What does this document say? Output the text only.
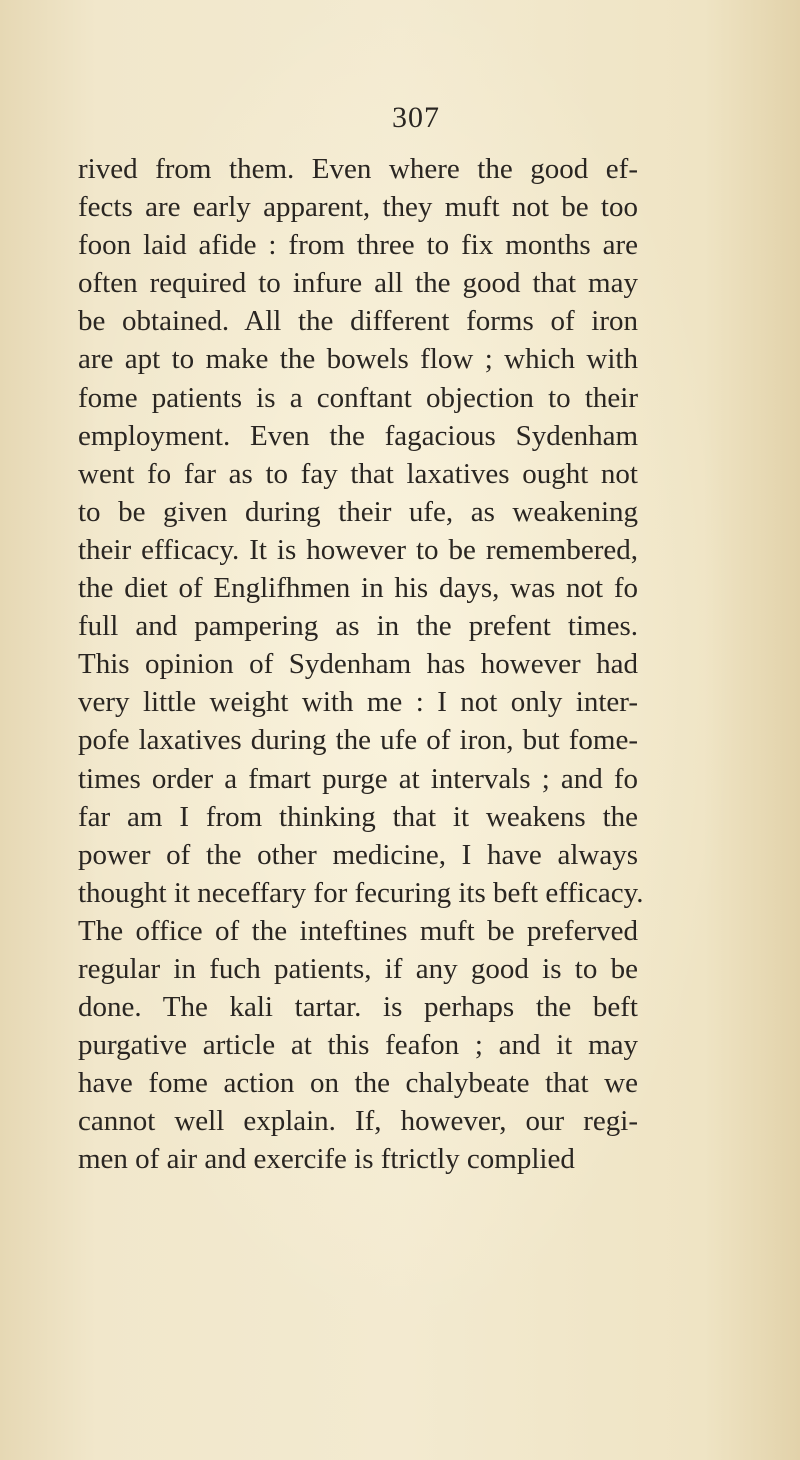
307
rived from them. Even where the good ef-
fects are early apparent, they muft not be too
foon laid afide : from three to fix months are
often required to infure all the good that may
be obtained. All the different forms of iron
are apt to make the bowels flow ; which with
fome patients is a conftant objection to their
employment. Even the fagacious Sydenham
went fo far as to fay that laxatives ought not
to be given during their ufe, as weakening
their efficacy. It is however to be remembered,
the diet of Englifhmen in his days, was not fo
full and pampering as in the prefent times.
This opinion of Sydenham has however had
very little weight with me : I not only inter-
pofe laxatives during the ufe of iron, but fome-
times order a fmart purge at intervals ; and fo
far am I from thinking that it weakens the
power of the other medicine, I have always
thought it neceffary for fecuring its beft efficacy.
The office of the inteftines muft be preferved
regular in fuch patients, if any good is to be
done. The kali tartar. is perhaps the beft
purgative article at this feafon ; and it may
have fome action on the chalybeate that we
cannot well explain. If, however, our regi-
men of air and exercife is ftrictly complied
